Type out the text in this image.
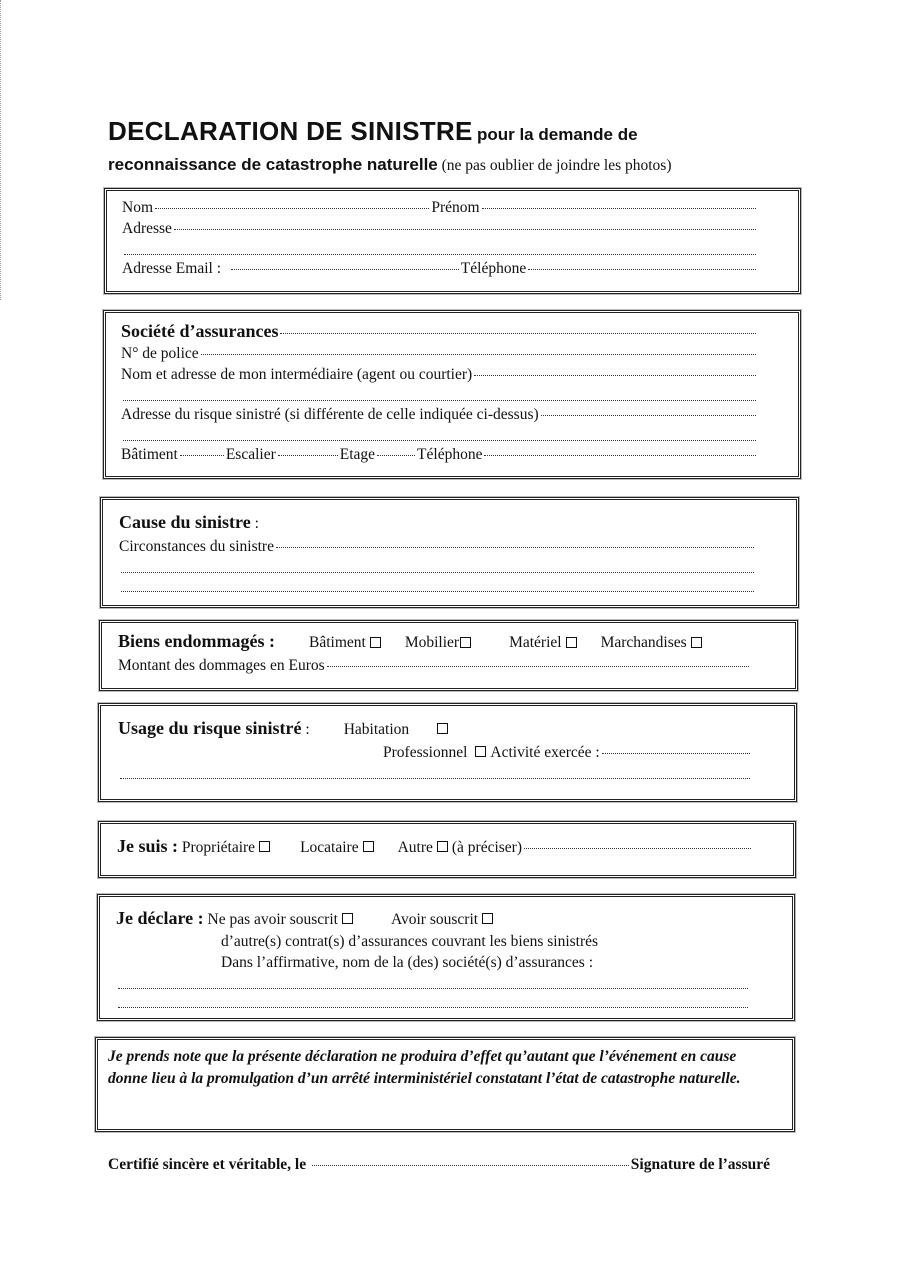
DECLARATION DE SINISTRE pour la demande de
reconnaissance de catastrophe naturelle (ne pas oublier de joindre les photos)
Nom	Prénom
Adresse
Adresse Email :	Téléphone
Société d’assurances
N° de police
Nom et adresse de mon intermédiaire (agent ou courtier)
Adresse du risque sinistré (si différente de celle indiquée ci-dessus)
Bâtiment	Escalier	Etage	Téléphone
Cause du sinistre
:
Circonstances du sinistre
Biens endommagés : Bâtiment	Mobilier	Matériel	Marchandises
Montant des dommages en Euros
Usage du risque sinistré
: Habitation
Professionnel Activité exercée :
Je suis :
Propriétaire	Locataire	Autre (à préciser)
Je déclare :
Ne pas avoir souscrit	Avoir souscrit
d’autre(s) contrat(s) d’assurances couvrant les biens sinistrés
Dans l’affirmative, nom de la (des) société(s) d’assurances :
Je prends note que la présente déclaration ne produira d’effet qu’autant que l’événement en cause donne lieu à la promulgation d’un arrêté interministériel constatant l’état de catastrophe naturelle.
Certifié sincère et véritable, le	Signature de l’assuré
